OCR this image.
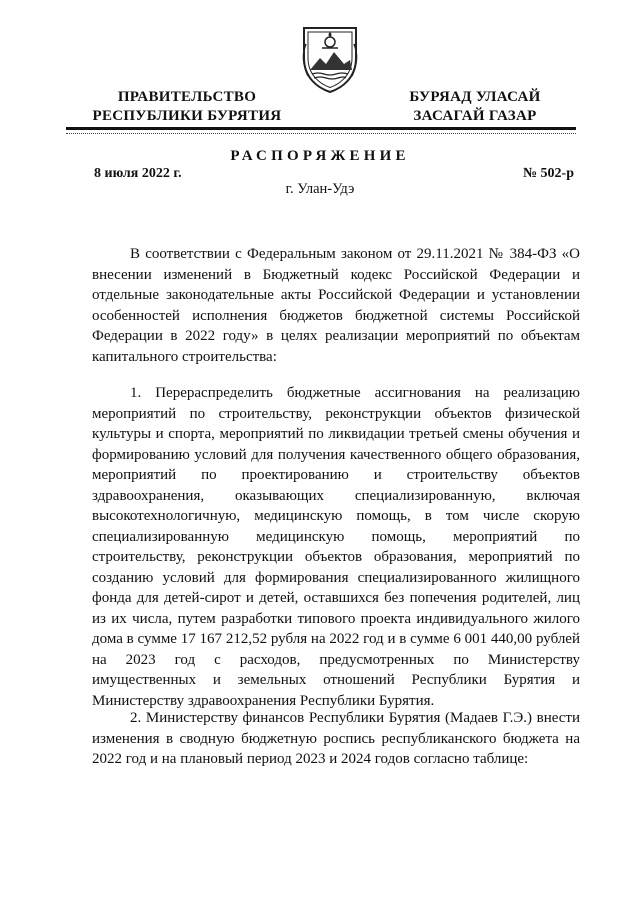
ПРАВИТЕЛЬСТВО
РЕСПУБЛИКИ БУРЯТИЯ
БУРЯАД УЛАСАЙ
ЗАСАГАЙ ГАЗАР
РАСПОРЯЖЕНИЕ
8 июля 2022 г.	№ 502-р
г. Улан-Удэ

В соответствии с Федеральным законом от 29.11.2021 № 384-ФЗ «О внесении изменений в Бюджетный кодекс Российской Федерации и отдельные законодательные акты Российской Федерации и установлении особенностей исполнения бюджетов бюджетной системы Российской Федерации в 2022 году» в целях реализации мероприятий по объектам капитального строительства:

1. Перераспределить бюджетные ассигнования на реализацию мероприятий по строительству, реконструкции объектов физической культуры и спорта, мероприятий по ликвидации третьей смены обучения и формированию условий для получения качественного общего образования, мероприятий по проектированию и строительству объектов здравоохранения, оказывающих специализированную, включая высокотехнологичную, медицинскую помощь, в том числе скорую специализированную медицинскую помощь, мероприятий по строительству, реконструкции объектов образования, мероприятий по созданию условий для формирования специализированного жилищного фонда для детей-сирот и детей, оставшихся без попечения родителей, лиц из их числа, путем разработки типового проекта индивидуального жилого дома в сумме 17 167 212,52 рубля на 2022 год и в сумме 6 001 440,00 рублей на 2023 год с расходов, предусмотренных по Министерству имущественных и земельных отношений Республики Бурятия и Министерству здравоохранения Республики Бурятия.

2. Министерству финансов Республики Бурятия (Мадаев Г.Э.) внести изменения в сводную бюджетную роспись республиканского бюджета на 2022 год и на плановый период 2023 и 2024 годов согласно таблице:
